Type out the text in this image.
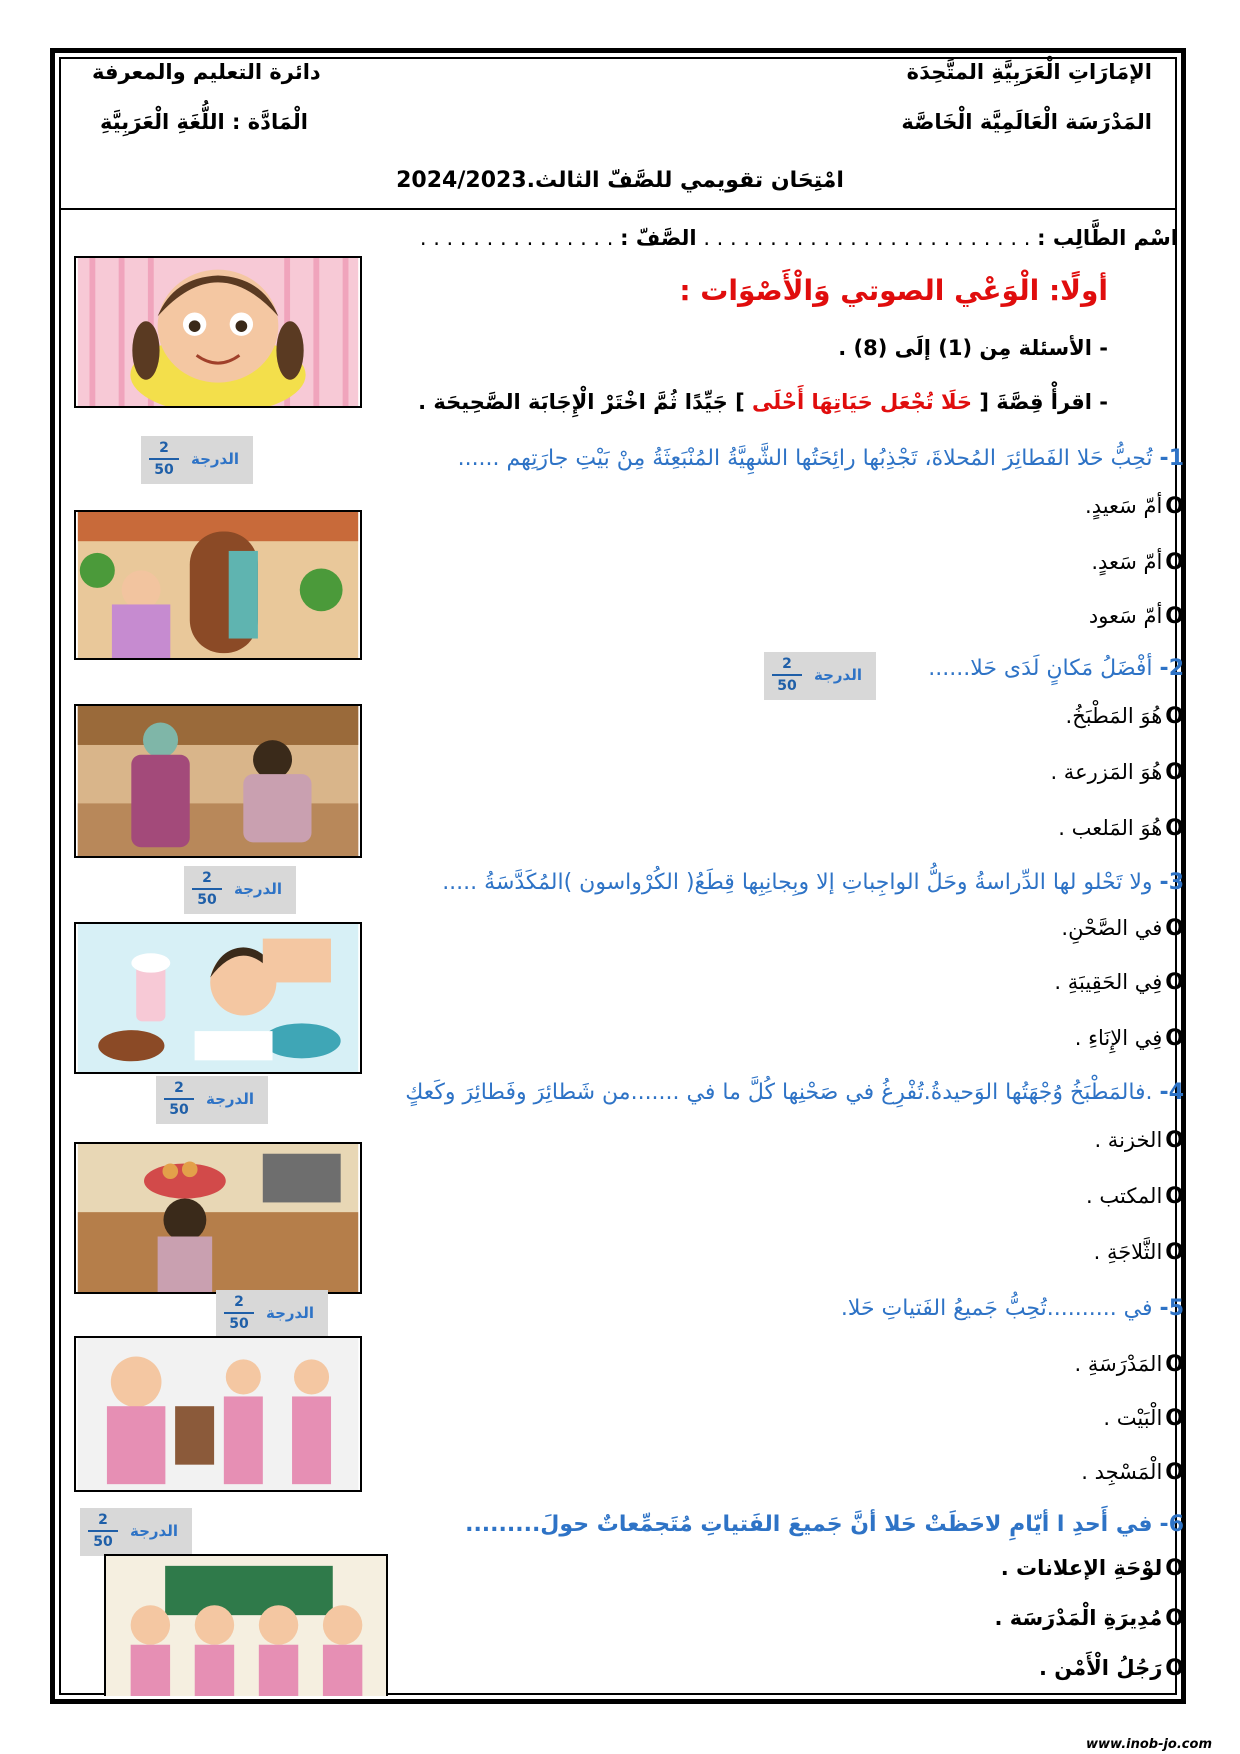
الإمَارَاتِ الْعَرَبِيَّةِ المتَّحِدَة
دائرة التعليم والمعرفة
المَدْرَسَة الْعَالَمِيَّة الْخَاصَّة
الْمَادَّة : اللُّغَةِ الْعَرَبِيَّةِ
امْتِحَان تقويمي للصَّفّ الثالث.2024/2023
اسْم الطَّالِب : . . . . . . . . . . . . . . . . . . . . . . . . . الصَّفّ : . . . . . . . . . . . . . . .
أولًا: الْوَعْي الصوتي وَالْأَصْوَات :
- الأسئلة مِن (1) إلَى (8) .
- اقرأْ قِصَّةَ [ حَلَا تُجْعَل حَيَاتِهَا أَحْلَى ] جَيِّدًا ثُمَّ اخْتَرْ الْإِجَابَة الصَّحِيحَة .
1- تُحِبُّ حَلا الفَطائِرَ المُحلاةَ، تَجْذِبُها رائِحَتُها الشَّهِيَّةُ المُنْبَعِثَةُ مِنْ بَيْتِ جارَتِهم ......
$\frac{2}{50}$ الدرجة
Oأمّ سَعيدٍ.
Oأمّ سَعدٍ.
Oأمّ سَعود
2- أفْضَلُ مَكانٍ لَدَى حَلا......
$\frac{2}{50}$ الدرجة
Oهُوَ المَطْبَخُ.
Oهُوَ المَزرعة .
Oهُوَ المَلعب .
3- ولا تَحْلو لها الدِّراسةُ وحَلُّ الواجِباتِ إلا وبِجانِبِها قِطَعُ( الكُرْواسون )المُكَدَّسَةُ .....
$\frac{2}{50}$ الدرجة
Oفي الصَّحْنِ.
Oفِي الحَقِيبَةِ .
Oفِي الإِنَاءِ .
4- .فالمَطْبَخُ وُجْهَتُها الوَحيدةُ.تُفْرِغُ في صَحْنِها كُلَّ ما في .......من شَطائِرَ وفَطائِرَ وكَعكٍ
$\frac{2}{50}$ الدرجة
Oالخزنة .
Oالمكتب .
Oالثَّلاجَةِ .
5- في ..........تُحِبُّ جَميعُ الفَتياتِ حَلا.
$\frac{2}{50}$ الدرجة
Oالمَدْرَسَةِ .
Oالْبَيْت .
Oالْمَسْجِد .
6- في أَحدِ ا أيّامِ لاحَظَتْ حَلا أنَّ جَميعَ الفَتياتِ مُتَجمِّعاتٌ حولَ.........
$\frac{2}{50}$ الدرجة
Oلوْحَةِ الإعلانات .
Oمُدِيرَةِ الْمَدْرَسَة .
Oرَجُلُ الْأَمْن .
www.inob-jo.com
